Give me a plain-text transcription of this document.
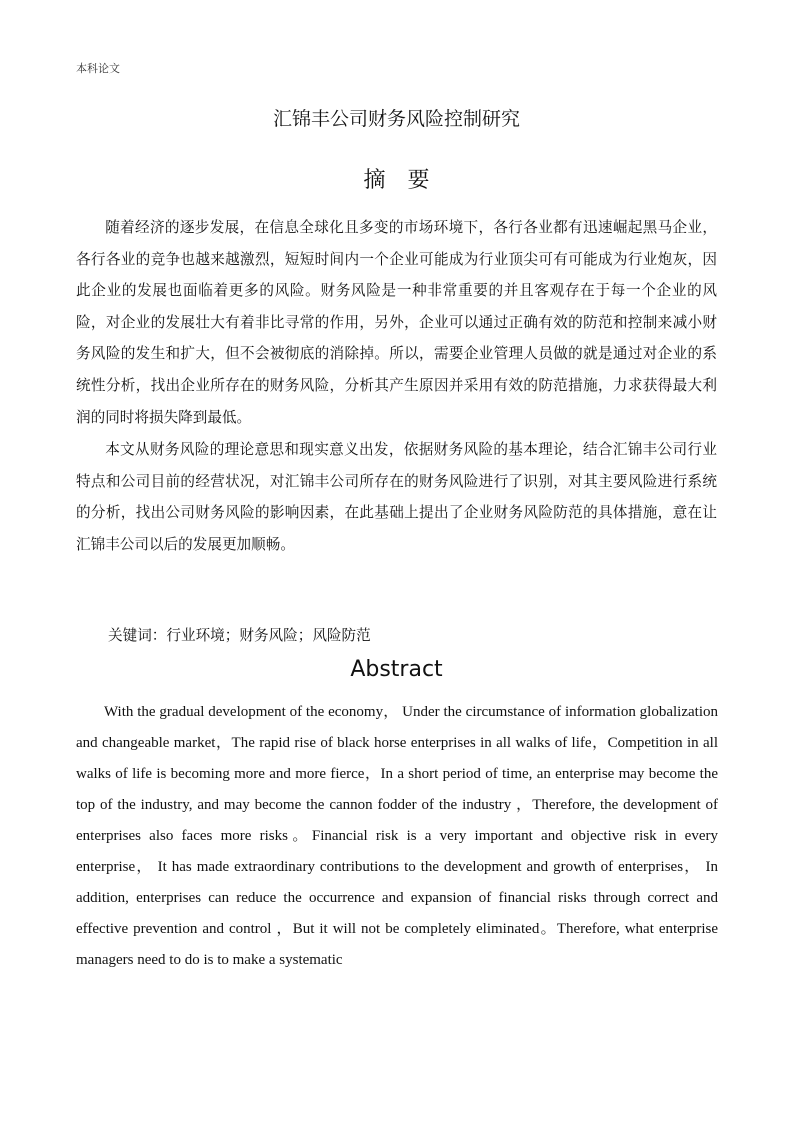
本科论文
汇锦丰公司财务风险控制研究
摘　要

随着经济的逐步发展，在信息全球化且多变的市场环境下，各行各业都有迅速崛起黑马企业，各行各业的竞争也越来越激烈，短短时间内一个企业可能成为行业顶尖可有可能成为行业炮灰，因此企业的发展也面临着更多的风险。财务风险是一种非常重要的并且客观存在于每一个企业的风险，对企业的发展壮大有着非比寻常的作用，另外，企业可以通过正确有效的防范和控制来减小财务风险的发生和扩大，但不会被彻底的消除掉。所以，需要企业管理人员做的就是通过对企业的系统性分析，找出企业所存在的财务风险，分析其产生原因并采用有效的防范措施，力求获得最大利润的同时将损失降到最低。

本文从财务风险的理论意思和现实意义出发，依据财务风险的基本理论，结合汇锦丰公司行业特点和公司目前的经营状况，对汇锦丰公司所存在的财务风险进行了识别，对其主要风险进行系统的分析，找出公司财务风险的影响因素，在此基础上提出了企业财务风险防范的具体措施，意在让汇锦丰公司以后的发展更加顺畅。

关键词：行业环境；财务风险；风险防范
Abstract

With the gradual development of the economy， Under the circumstance of information globalization and changeable market，The rapid rise of black horse enterprises in all walks of life，Competition in all walks of life is becoming more and more fierce，In a short period of time, an enterprise may become the top of the industry, and may become the cannon fodder of the industry ，Therefore, the development of enterprises also faces more risks。Financial risk is a very important and objective risk in every enterprise， It has made extraordinary contributions to the development and growth of enterprises， In addition, enterprises can reduce the occurrence and expansion of financial risks through correct and effective prevention and control ，But it will not be completely eliminated。Therefore, what enterprise managers need to do is to make a systematic
